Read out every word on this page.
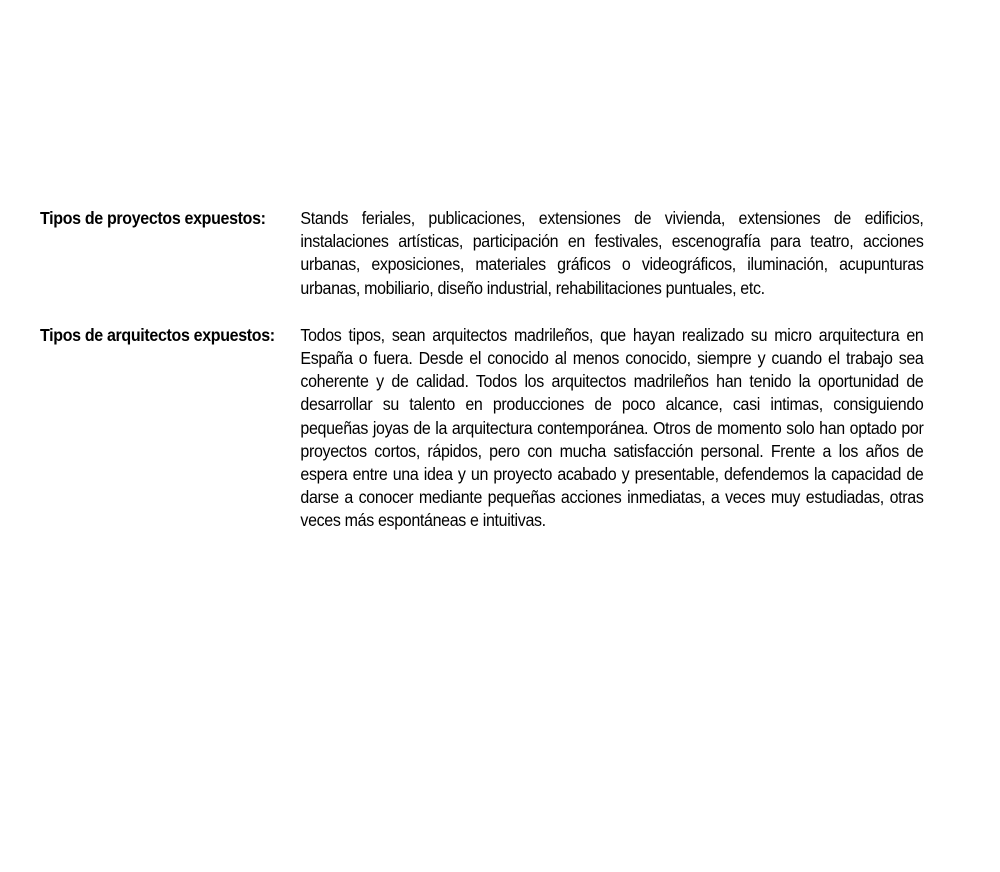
Tipos de proyectos expuestos: Stands feriales, publicaciones, extensiones de vivienda, extensiones de edificios, instalaciones artísticas, participación en festivales, escenografía para teatro, acciones urbanas, exposiciones, materiales gráficos o videográficos, iluminación, acupunturas urbanas, mobiliario, diseño industrial, rehabilitaciones puntuales, etc.
Tipos de arquitectos expuestos: Todos tipos, sean arquitectos madrileños, que hayan realizado su micro arquitectura en España o fuera. Desde el conocido al menos conocido, siempre y cuando el trabajo sea coherente y de calidad. Todos los arquitectos madrileños han tenido la oportunidad de desarrollar su talento en producciones de poco alcance, casi intimas, consiguiendo pequeñas joyas de la arquitectura contemporánea. Otros de momento solo han optado por proyectos cortos, rápidos, pero con mucha satisfacción personal. Frente a los años de espera entre una idea y un proyecto acabado y presentable, defendemos la capacidad de darse a conocer mediante pequeñas acciones inmediatas, a veces muy estudiadas, otras veces más espontáneas e intuitivas.
